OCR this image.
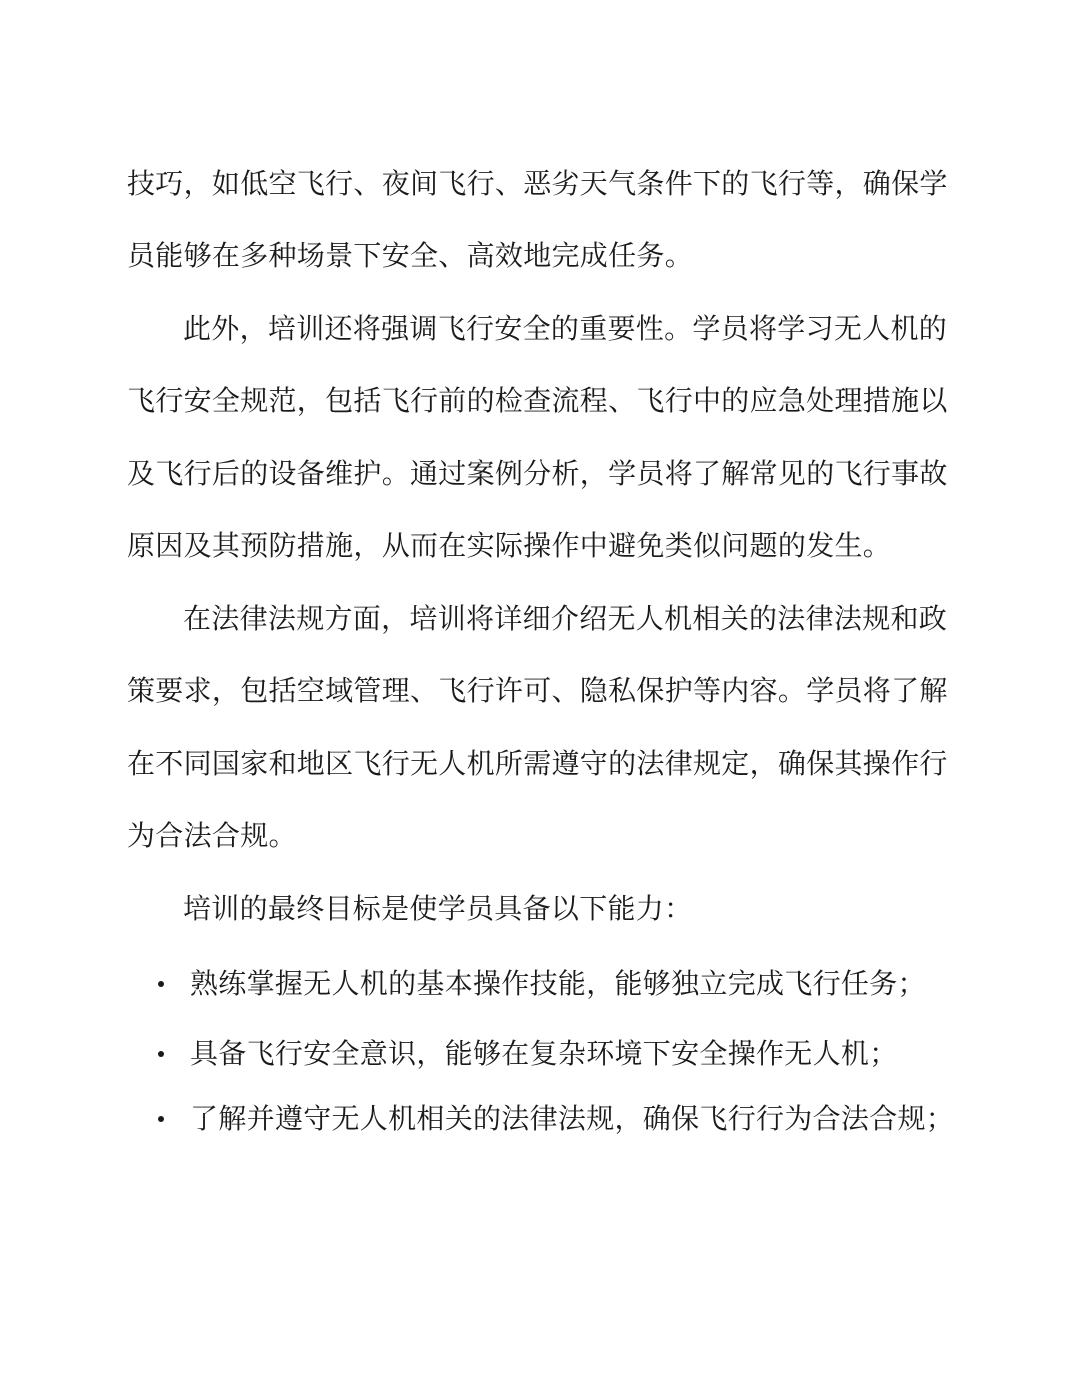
技巧，如低空飞行、夜间飞行、恶劣天气条件下的飞行等，确保学
员能够在多种场景下安全、高效地完成任务。
此外，培训还将强调飞行安全的重要性。学员将学习无人机的
飞行安全规范，包括飞行前的检查流程、飞行中的应急处理措施以
及飞行后的设备维护。通过案例分析，学员将了解常见的飞行事故
原因及其预防措施，从而在实际操作中避免类似问题的发生。
在法律法规方面，培训将详细介绍无人机相关的法律法规和政
策要求，包括空域管理、飞行许可、隐私保护等内容。学员将了解
在不同国家和地区飞行无人机所需遵守的法律规定，确保其操作行
为合法合规。
培训的最终目标是使学员具备以下能力：
熟练掌握无人机的基本操作技能，能够独立完成飞行任务；
具备飞行安全意识，能够在复杂环境下安全操作无人机；
了解并遵守无人机相关的法律法规，确保飞行行为合法合规；
